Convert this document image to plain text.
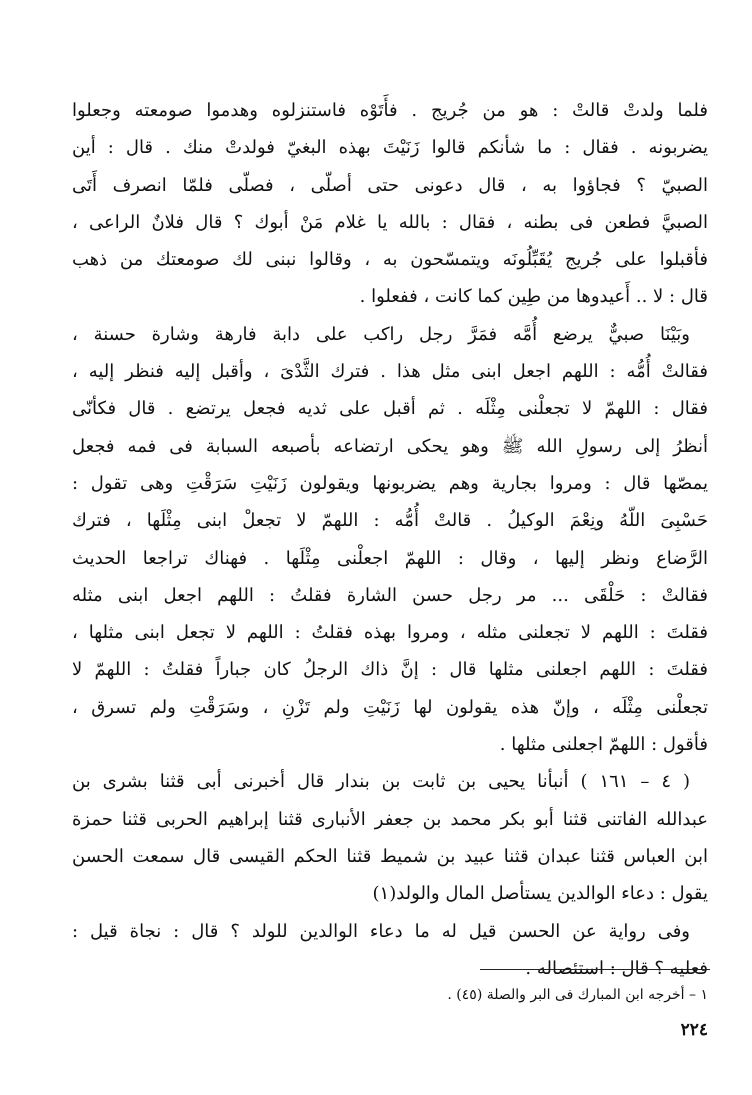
فلما ولدتْ قالتْ : هو من جُريج . فأَتَوْه فاستنزلوه وهدموا صومعته وجعلوا
يضربونه . فقال : ما شأنكم قالوا زَنَيْتَ بهذه البغيّ فولدتْ منك . قال : أين
الصبيّ ؟ فجاؤوا به ، قال دعونى حتى أصلّى ، فصلّى فلمّا انصرف أَتَى
الصبيَّ فطعن فى بطنه ، فقال : بالله يا غلام مَنْ أبوك ؟ قال فلانٌ الراعى ،
فأقبلوا على جُريج يُقَبِّلُونَه ويتمسّحون به ، وقالوا نبنى لك صومعتك من ذهب
قال : لا .. أَعيدوها من طِين كما كانت ، ففعلوا .
وبَيْنَا صبيٌّ يرضع أُمَّه فمَرَّ رجل راكب على دابة فارهة وشارة حسنة ،
فقالتْ أُمُّه : اللهم اجعل ابنى مثل هذا . فترك الثَّدْىَ ، وأقبل إليه فنظر إليه ،
فقال : اللهمّ لا تجعلْنى مِثْلَه . ثم أقبل على ثديه فجعل يرتضع . قال فكأنّى
أنظرُ إلى رسولِ الله ﷺ وهو يحكى ارتضاعه بأصبعه السبابة فى فمه فجعل
يمصّها قال : ومروا بجارية وهم يضربونها ويقولون زَنَيْتِ سَرَقْتِ وهى تقول :
حَسْبِىَ اللّهُ ونِعْمَ الوكيلُ . قالتْ أُمُّه : اللهمّ لا تجعلْ ابنى مِثْلَها ، فترك
الرَّضاع ونظر إليها ، وقال : اللهمّ اجعلْنى مِثْلَها . فهناك تراجعا الحديث
فقالتْ : حَلْقَى ... مر رجل حسن الشارة فقلتُ : اللهم اجعل ابنى مثله
فقلتَ : اللهم لا تجعلنى مثله ، ومروا بهذه فقلتُ : اللهم لا تجعل ابنى مثلها ،
فقلتَ : اللهم اجعلنى مثلها قال : إنَّ ذاك الرجلُ كان جباراً فقلتُ : اللهمّ لا
تجعلْنى مِثْلَه ، وإنّ هذه يقولون لها زَنَيْتِ ولم تَزْنِ ، وسَرَقْتِ ولم تسرق ،
فأقول : اللهمّ اجعلنى مثلها .
( ٤ – ١٦١ ) أنبأنا يحيى بن ثابت بن بندار قال أخبرنى أبى قثنا بشرى بن
عبدالله الفاتنى قثنا أبو بكر محمد بن جعفر الأنبارى قثنا إبراهيم الحربى قثنا حمزة
ابن العباس قثنا عبدان قثنا عبيد بن شميط قثنا الحكم القيسى قال سمعت الحسن
يقول : دعاء الوالدين يستأصل المال والولد(١)
وفى رواية عن الحسن قيل له ما دعاء الوالدين للولد ؟ قال : نجاة قيل :
فعليه ؟ قال : استئصاله .
١ – أخرجه ابن المبارك فى البر والصلة (٤٥) .
٢٢٤
